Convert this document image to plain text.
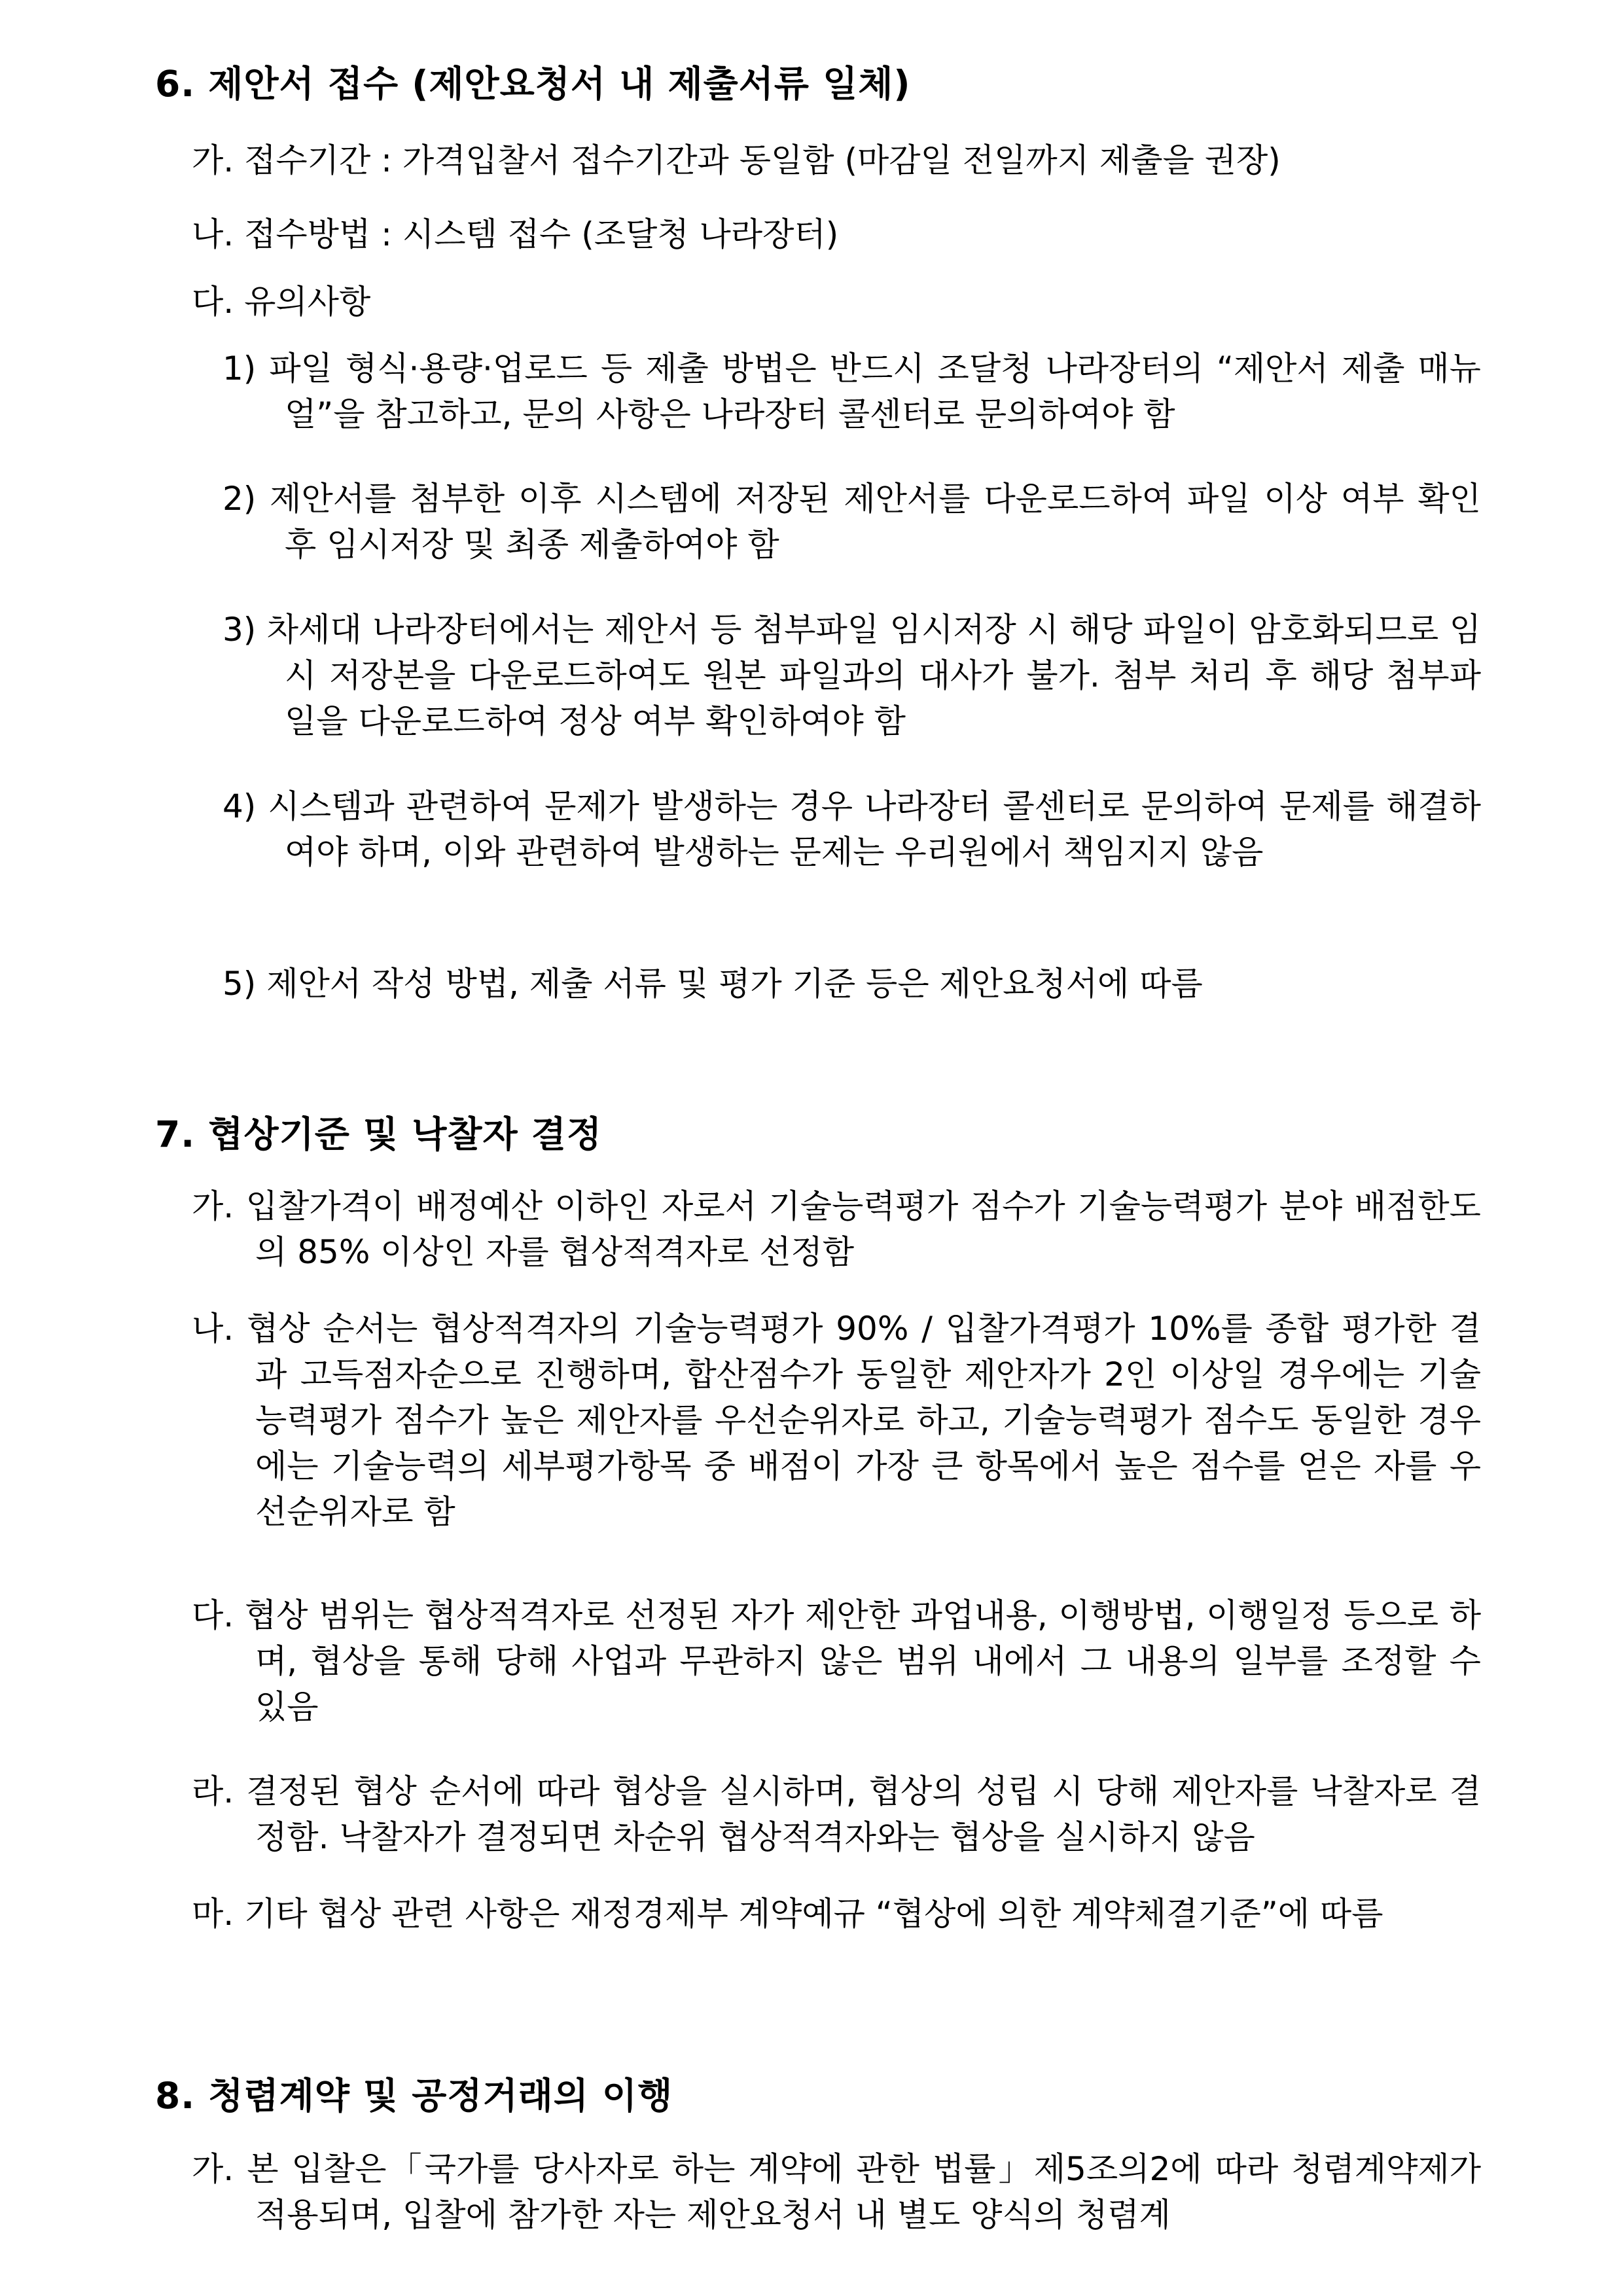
6. 제안서 접수 (제안요청서 내 제출서류 일체)
가. 접수기간 : 가격입찰서 접수기간과 동일함 (마감일 전일까지 제출을 권장)
나. 접수방법 : 시스템 접수 (조달청 나라장터)
다. 유의사항
1) 파일 형식·용량·업로드 등 제출 방법은 반드시 조달청 나라장터의 “제안서 제출 매뉴얼”을 참고하고, 문의 사항은 나라장터 콜센터로 문의하여야 함
2) 제안서를 첨부한 이후 시스템에 저장된 제안서를 다운로드하여 파일 이상 여부 확인 후 임시저장 및 최종 제출하여야 함
3) 차세대 나라장터에서는 제안서 등 첨부파일 임시저장 시 해당 파일이 암호화되므로 임시 저장본을 다운로드하여도 원본 파일과의 대사가 불가. 첨부 처리 후 해당 첨부파일을 다운로드하여 정상 여부 확인하여야 함
4) 시스템과 관련하여 문제가 발생하는 경우 나라장터 콜센터로 문의하여 문제를 해결하여야 하며, 이와 관련하여 발생하는 문제는 우리원에서 책임지지 않음
5) 제안서 작성 방법, 제출 서류 및 평가 기준 등은 제안요청서에 따름
7. 협상기준 및 낙찰자 결정
가. 입찰가격이 배정예산 이하인 자로서 기술능력평가 점수가 기술능력평가 분야 배점한도의 85% 이상인 자를 협상적격자로 선정함
나. 협상 순서는 협상적격자의 기술능력평가 90% / 입찰가격평가 10%를 종합 평가한 결과 고득점자순으로 진행하며, 합산점수가 동일한 제안자가 2인 이상일 경우에는 기술능력평가 점수가 높은 제안자를 우선순위자로 하고, 기술능력평가 점수도 동일한 경우에는 기술능력의 세부평가항목 중 배점이 가장 큰 항목에서 높은 점수를 얻은 자를 우선순위자로 함
다. 협상 범위는 협상적격자로 선정된 자가 제안한 과업내용, 이행방법, 이행일정 등으로 하며, 협상을 통해 당해 사업과 무관하지 않은 범위 내에서 그 내용의 일부를 조정할 수 있음
라. 결정된 협상 순서에 따라 협상을 실시하며, 협상의 성립 시 당해 제안자를 낙찰자로 결정함. 낙찰자가 결정되면 차순위 협상적격자와는 협상을 실시하지 않음
마. 기타 협상 관련 사항은 재정경제부 계약예규 “협상에 의한 계약체결기준”에 따름
8. 청렴계약 및 공정거래의 이행
가. 본 입찰은「국가를 당사자로 하는 계약에 관한 법률」제5조의2에 따라 청렴계약제가 적용되며, 입찰에 참가한 자는 제안요청서 내 별도 양식의 청렴계
